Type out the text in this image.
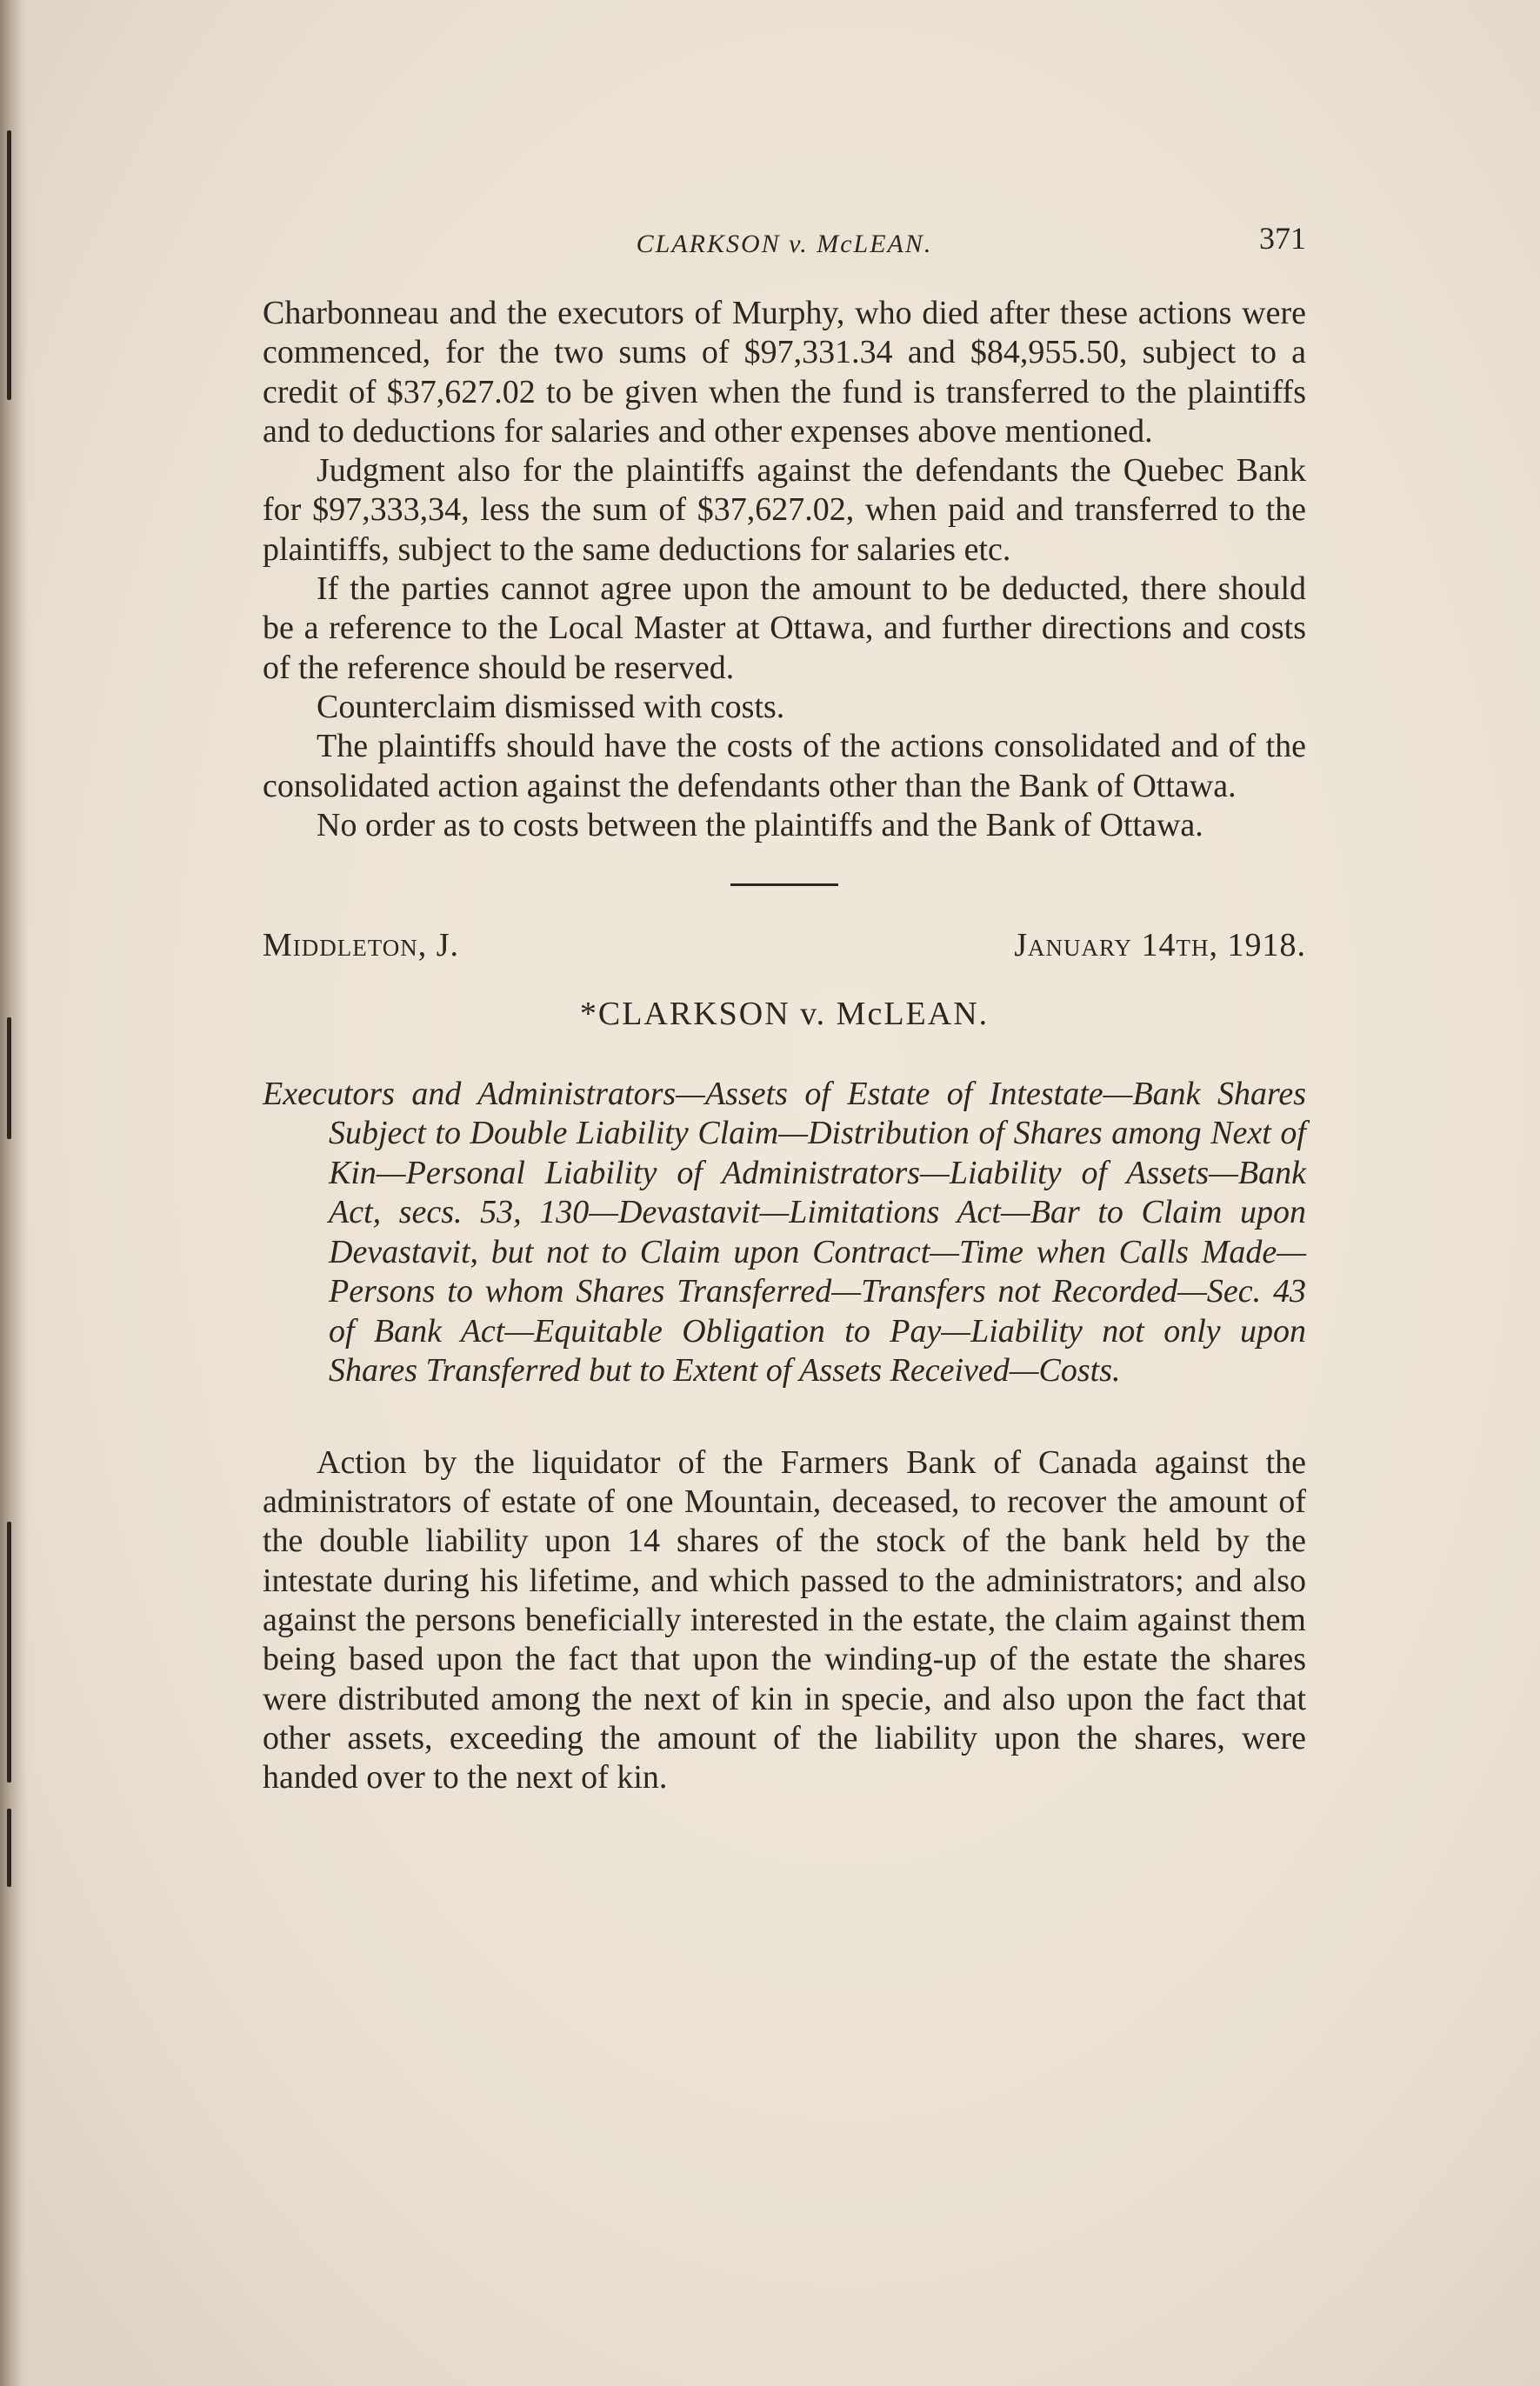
CLARKSON v. McLEAN.	371

Charbonneau and the executors of Murphy, who died after these actions were commenced, for the two sums of $97,331.34 and $84,955.50, subject to a credit of $37,627.02 to be given when the fund is transferred to the plaintiffs and to deductions for salaries and other expenses above mentioned.

Judgment also for the plaintiffs against the defendants the Quebec Bank for $97,333,34, less the sum of $37,627.02, when paid and transferred to the plaintiffs, subject to the same deductions for salaries etc.

If the parties cannot agree upon the amount to be deducted, there should be a reference to the Local Master at Ottawa, and further directions and costs of the reference should be reserved.

Counterclaim dismissed with costs.

The plaintiffs should have the costs of the actions consolidated and of the consolidated action against the defendants other than the Bank of Ottawa.

No order as to costs between the plaintiffs and the Bank of Ottawa.

Middleton, J.	January 14th, 1918.
*CLARKSON v. McLEAN.
Executors and Administrators—Assets of Estate of Intestate—Bank Shares Subject to Double Liability Claim—Distribution of Shares among Next of Kin—Personal Liability of Administrators—Liability of Assets—Bank Act, secs. 53, 130—Devastavit—Limitations Act—Bar to Claim upon Devastavit, but not to Claim upon Contract—Time when Calls Made—Persons to whom Shares Transferred—Transfers not Recorded—Sec. 43 of Bank Act—Equitable Obligation to Pay—Liability not only upon Shares Transferred but to Extent of Assets Received—Costs.

Action by the liquidator of the Farmers Bank of Canada against the administrators of estate of one Mountain, deceased, to recover the amount of the double liability upon 14 shares of the stock of the bank held by the intestate during his lifetime, and which passed to the administrators; and also against the persons beneficially interested in the estate, the claim against them being based upon the fact that upon the winding-up of the estate the shares were distributed among the next of kin in specie, and also upon the fact that other assets, exceeding the amount of the liability upon the shares, were handed over to the next of kin.
